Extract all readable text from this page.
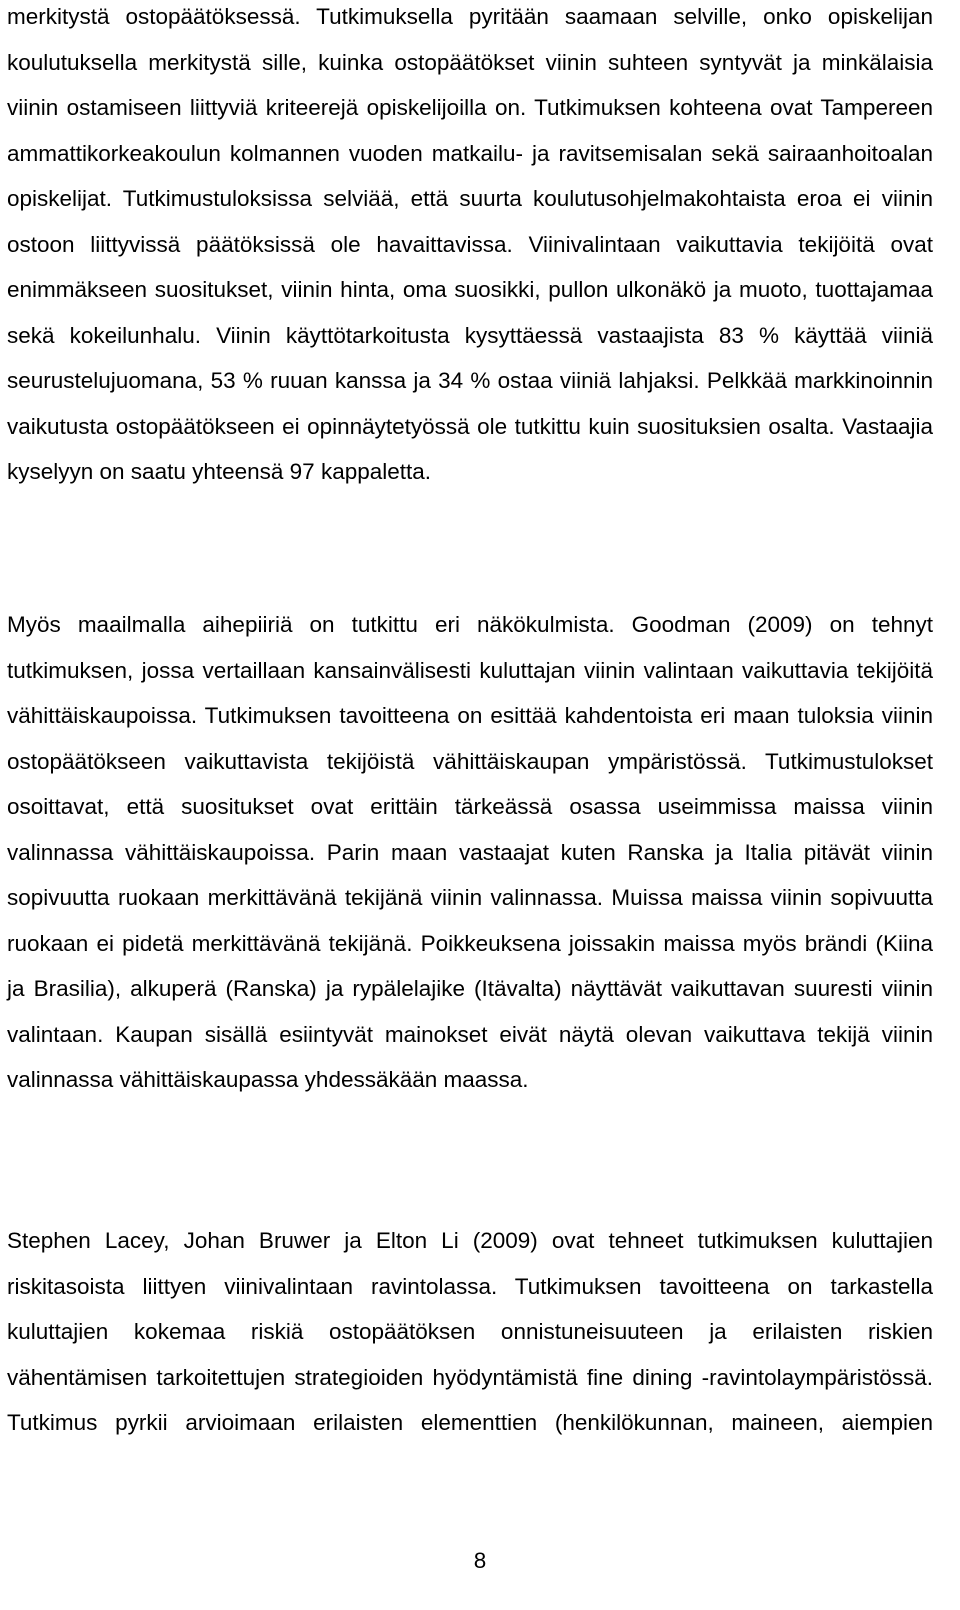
merkitystä ostopäätöksessä. Tutkimuksella pyritään saamaan selville, onko opiskelijan koulutuksella merkitystä sille, kuinka ostopäätökset viinin suhteen syntyvät ja minkälaisia viinin ostamiseen liittyviä kriteerejä opiskelijoilla on. Tutkimuksen kohteena ovat Tampereen ammattikorkeakoulun kolmannen vuoden matkailu- ja ravitsemisalan sekä sairaanhoitoalan opiskelijat. Tutkimustuloksissa selviää, että suurta koulutusohjelmakohtaista eroa ei viinin ostoon liittyvissä päätöksissä ole havaittavissa. Viinivalintaan vaikuttavia tekijöitä ovat enimmäkseen suositukset, viinin hinta, oma suosikki, pullon ulkonäkö ja muoto, tuottajamaa sekä kokeilunhalu. Viinin käyttötarkoitusta kysyttäessä vastaajista 83 % käyttää viiniä seurustelujuomana, 53 % ruuan kanssa ja 34 % ostaa viiniä lahjaksi. Pelkkää markkinoinnin vaikutusta ostopäätökseen ei opinnäytetyössä ole tutkittu kuin suosituksien osalta. Vastaajia kyselyyn on saatu yhteensä 97 kappaletta.

Myös maailmalla aihepiiriä on tutkittu eri näkökulmista. Goodman (2009) on tehnyt tutkimuksen, jossa vertaillaan kansainvälisesti kuluttajan viinin valintaan vaikuttavia tekijöitä vähittäiskaupoissa. Tutkimuksen tavoitteena on esittää kahdentoista eri maan tuloksia viinin ostopäätökseen vaikuttavista tekijöistä vähittäiskaupan ympäristössä. Tutkimustulokset osoittavat, että suositukset ovat erittäin tärkeässä osassa useimmissa maissa viinin valinnassa vähittäiskaupoissa. Parin maan vastaajat kuten Ranska ja Italia pitävät viinin sopivuutta ruokaan merkittävänä tekijänä viinin valinnassa. Muissa maissa viinin sopivuutta ruokaan ei pidetä merkittävänä tekijänä. Poikkeuksena joissakin maissa myös brändi (Kiina ja Brasilia), alkuperä (Ranska) ja rypälelajike (Itävalta) näyttävät vaikuttavan suuresti viinin valintaan. Kaupan sisällä esiintyvät mainokset eivät näytä olevan vaikuttava tekijä viinin valinnassa vähittäiskaupassa yhdessäkään maassa.

Stephen Lacey, Johan Bruwer ja Elton Li (2009) ovat tehneet tutkimuksen kuluttajien riskitasoista liittyen viinivalintaan ravintolassa. Tutkimuksen tavoitteena on tarkastella kuluttajien kokemaa riskiä ostopäätöksen onnistuneisuuteen ja erilaisten riskien vähentämisen tarkoitettujen strategioiden hyödyntämistä fine dining -ravintolaympäristössä. Tutkimus pyrkii arvioimaan erilaisten elementtien (henkilökunnan, maineen, aiempien

8
